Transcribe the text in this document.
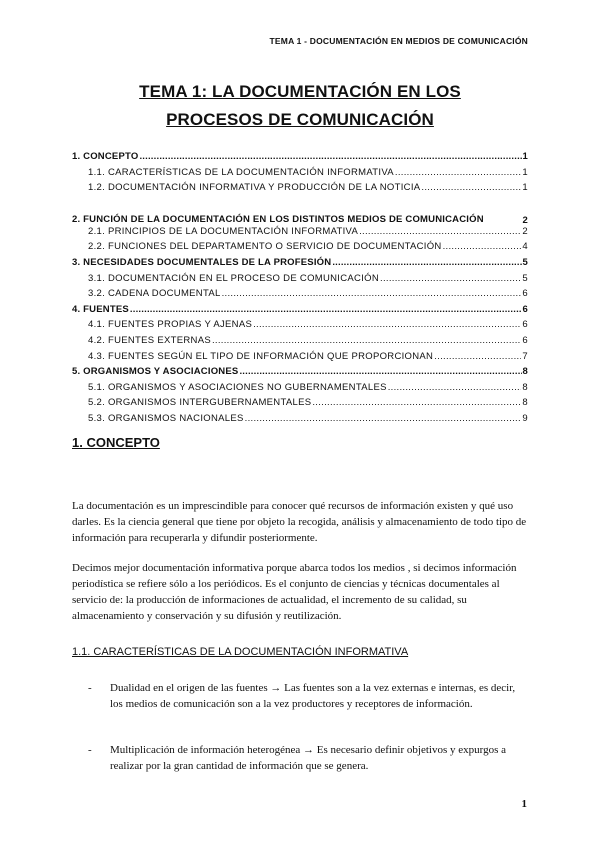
TEMA 1 - DOCUMENTACIÓN EN MEDIOS DE COMUNICACIÓN
TEMA 1: LA DOCUMENTACIÓN EN LOS
PROCESOS DE COMUNICACIÓN
1. CONCEPTO .....	1
1.1. CARACTERÍSTICAS DE LA DOCUMENTACIÓN INFORMATIVA .....	1
1.2. DOCUMENTACIÓN INFORMATIVA Y PRODUCCIÓN DE LA NOTICIA .....	1
2. FUNCIÓN DE LA DOCUMENTACIÓN EN LOS DISTINTOS MEDIOS DE COMUNICACIÓN	2
2.1. PRINCIPIOS DE LA DOCUMENTACIÓN INFORMATIVA .....	2
2.2. FUNCIONES DEL DEPARTAMENTO O SERVICIO DE DOCUMENTACIÓN .....	4
3. NECESIDADES DOCUMENTALES DE LA PROFESIÓN .....	5
3.1. DOCUMENTACIÓN EN EL PROCESO DE COMUNICACIÓN .....	5
3.2. CADENA DOCUMENTAL .....	6
4. FUENTES .....	6
4.1. FUENTES PROPIAS Y AJENAS .....	6
4.2. FUENTES EXTERNAS .....	6
4.3. FUENTES SEGÚN EL TIPO DE INFORMACIÓN QUE PROPORCIONAN .....	7
5. ORGANISMOS Y ASOCIACIONES .....	8
5.1. ORGANISMOS Y ASOCIACIONES NO GUBERNAMENTALES .....	8
5.2. ORGANISMOS INTERGUBERNAMENTALES .....	8
5.3. ORGANISMOS NACIONALES .....	9
1. CONCEPTO
La documentación es un imprescindible para conocer qué recursos de información existen y qué uso darles. Es la ciencia general que tiene por objeto la recogida, análisis y almacenamiento de todo tipo de información para recuperarla y difundir posteriormente.
Decimos mejor documentación informativa porque abarca todos los medios , si decimos información periodística se refiere sólo a los periódicos. Es el conjunto de ciencias y técnicas documentales al servicio de: la producción de informaciones de actualidad, el incremento de su calidad, su almacenamiento y conservación y su difusión y reutilización.
1.1. CARACTERÍSTICAS DE LA DOCUMENTACIÓN INFORMATIVA
-	Dualidad en el origen de las fuentes → Las fuentes son a la vez externas e internas, es decir, los medios de comunicación son a la vez productores y receptores de información.
-	Multiplicación de información heterogénea → Es necesario definir objetivos y expurgos a realizar por la gran cantidad de información que se genera.
1
